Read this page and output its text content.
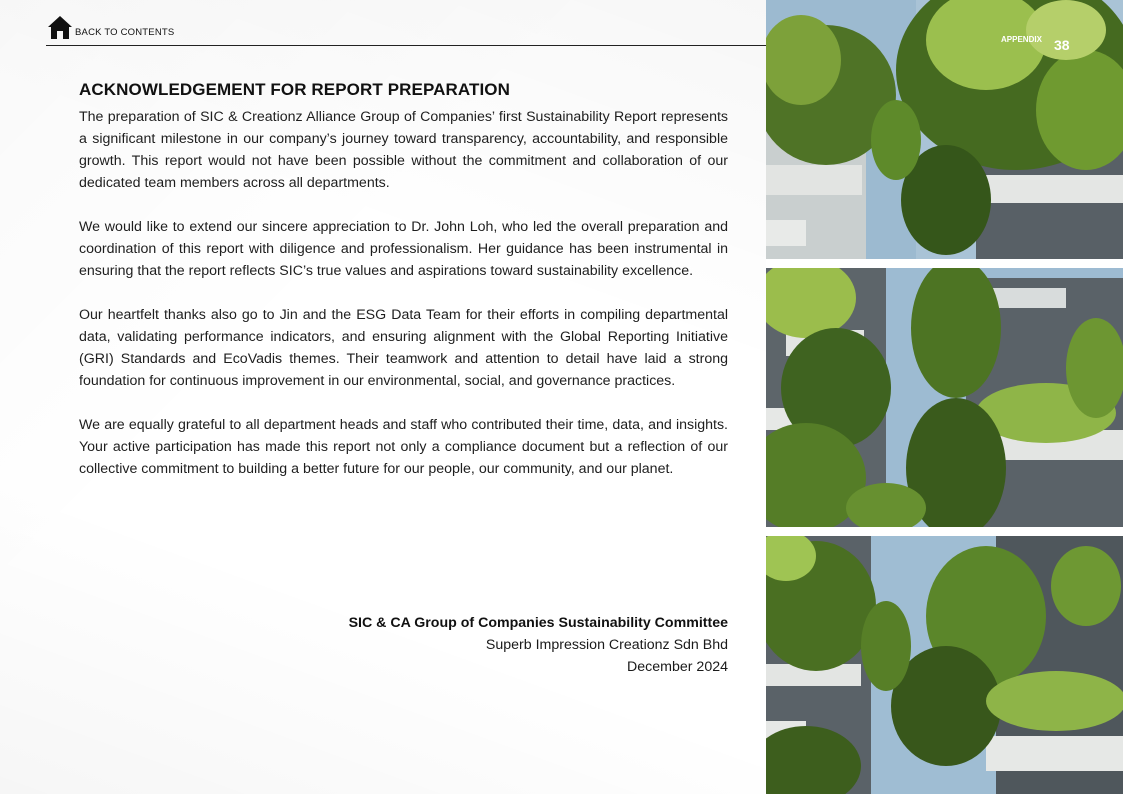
BACK TO CONTENTS
APPENDIX 38
ACKNOWLEDGEMENT FOR REPORT PREPARATION

The preparation of SIC & Creationz Alliance Group of Companies’ first Sustainability Report represents a significant milestone in our company’s journey toward transparency, accountability, and responsible growth. This report would not have been possible without the commitment and collaboration of our dedicated team members across all departments.

We would like to extend our sincere appreciation to Dr. John Loh, who led the overall preparation and coordination of this report with diligence and professionalism. Her guidance has been instrumental in ensuring that the report reflects SIC’s true values and aspirations toward sustainability excellence.

Our heartfelt thanks also go to Jin and the ESG Data Team for their efforts in compiling departmental data, validating performance indicators, and ensuring alignment with the Global Reporting Initiative (GRI) Standards and EcoVadis themes. Their teamwork and attention to detail have laid a strong foundation for continuous improvement in our environmental, social, and governance practices.

We are equally grateful to all department heads and staff who contributed their time, data, and insights. Your active participation has made this report not only a compliance document but a reflection of our collective commitment to building a better future for our people, our community, and our planet.

SIC & CA Group of Companies Sustainability Committee
Superb Impression Creationz Sdn Bhd
December 2024
